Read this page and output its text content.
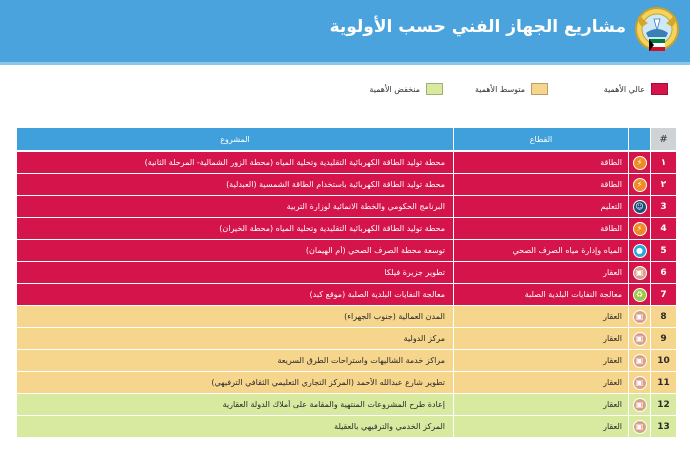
مشاريع الجهاز الفني حسب الأولوية
عالي الأهمية
متوسط الأهمية
منخفض الأهمية
#
القطاع
المشروع
١
⚡
الطاقة
محطة توليد الطاقة الكهربائية التقليدية وتحلية المياه (محطة الزور الشمالية- المرحلة الثانية)
٢
⚡
الطاقة
محطة توليد الطاقة الكهربائية باستخدام الطاقة الشمسية (العبدلية)
3
☺
التعليم
البرنامج الحكومي والخطة الانمائية لوزارة التربية
4
⚡
الطاقة
محطة توليد الطاقة الكهربائية التقليدية وتحلية المياه (محطة الخيران)
5
●
المياه وإدارة مياه الصرف الصحي
توسعة محطة الصرف الصحي (أم الهيمان)
6
▣
العقار
تطوير جزيرة فيلكا
7
♻
معالجة النفايات البلدية الصلبة
معالجة النفايات البلدية الصلبة (موقع كبد)
8
▣
العقار
المدن العمالية (جنوب الجهراء)
9
▣
العقار
مركز الدولية
10
▣
العقار
مراكز خدمة الشاليهات واستراحات الطرق السريعة
11
▣
العقار
تطوير شارع عبدالله الأحمد (المركز التجاري التعليمي الثقافي الترفيهي)
12
▣
العقار
إعادة طرح المشروعات المنتهية والمقامة على أملاك الدولة العقارية
13
▣
العقار
المركز الخدمي والترفيهي بالعقيلة
